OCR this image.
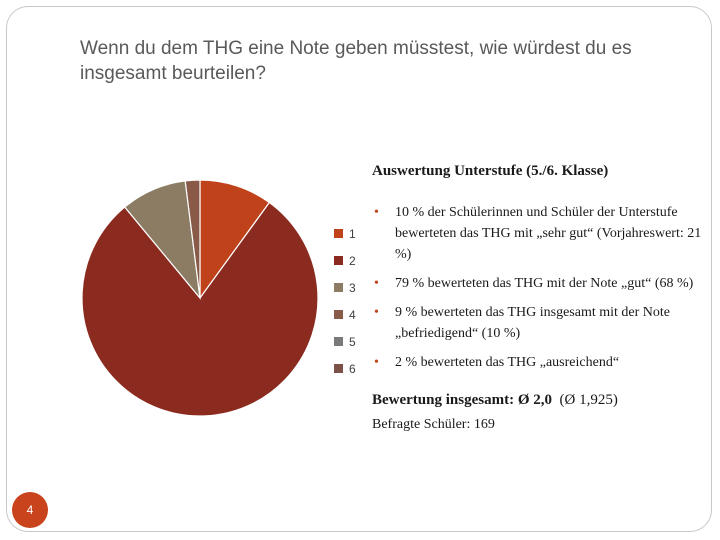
Wenn du dem THG eine Note geben müsstest, wie würdest du es
insgesamt beurteilen?
1
2
3
4
5
6
Auswertung Unterstufe (5./6. Klasse)
• 10 % der Schülerinnen und Schüler der Unterstufe bewerteten das THG mit „sehr gut“ (Vorjahreswert: 21 %)
• 79 % bewerteten das THG mit der Note „gut“ (68 %)
• 9 % bewerteten das THG insgesamt mit der Note „befriedigend“ (10 %)
• 2 % bewerteten das THG „ausreichend“
Bewertung insgesamt: Ø 2,0 (Ø 1,925)
Befragte Schüler: 169
4
